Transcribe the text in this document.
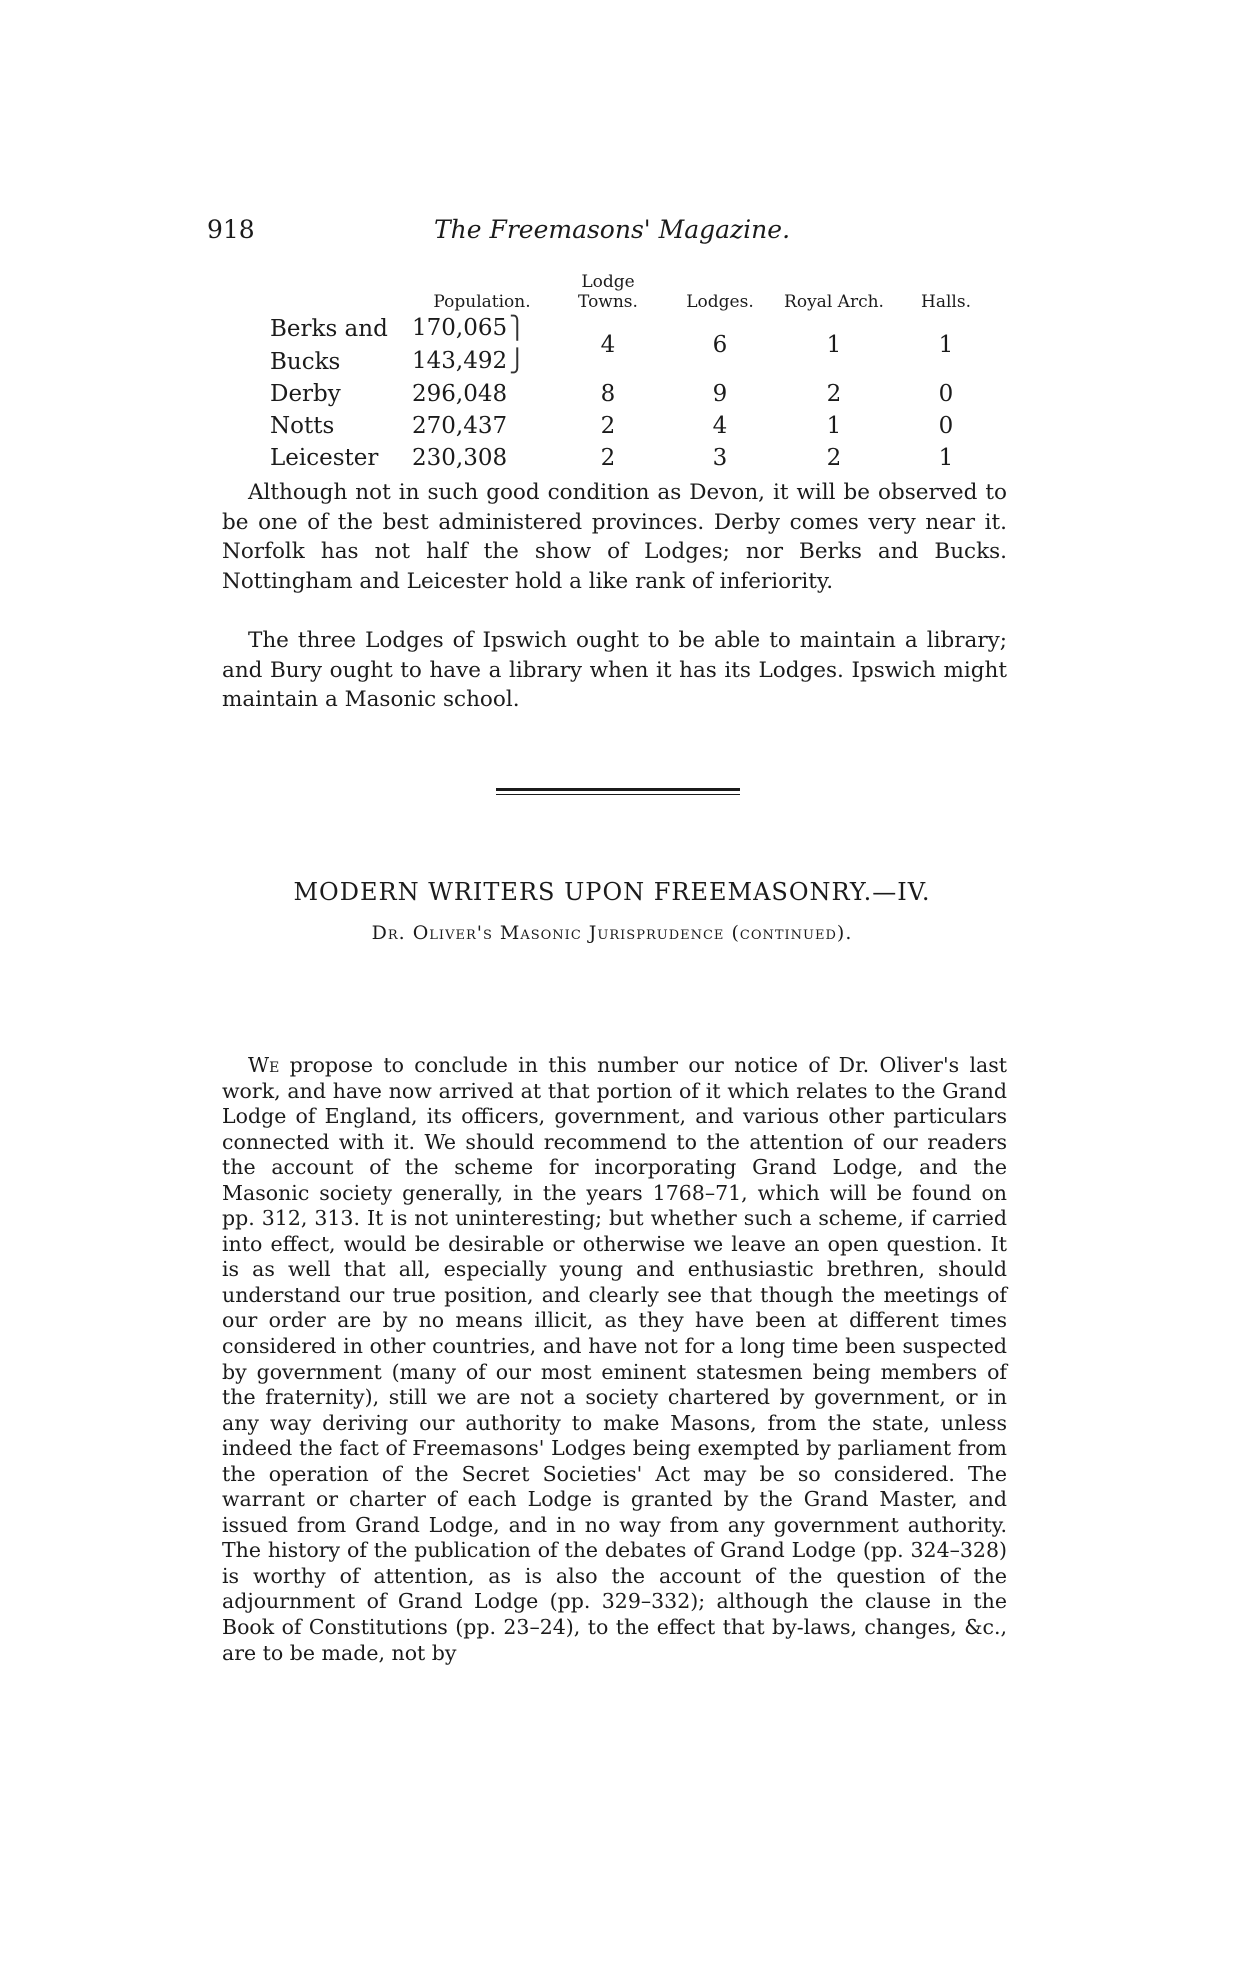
918	The Freemasons' Magazine.
	Population.	Lodge Towns.	Lodges.	Royal Arch.	Halls.
Berks and	170,065⎫	4	6	1	1
Bucks	143,492⎭				
Derby	296,048	8	9	2	0
Notts	270,437	2	4	1	0
Leicester	230,308	2	3	2	1

Although not in such good condition as Devon, it will be observed to be one of the best administered provinces. Derby comes very near it. Norfolk has not half the show of Lodges; nor Berks and Bucks. Nottingham and Leicester hold a like rank of inferiority.

The three Lodges of Ipswich ought to be able to maintain a library; and Bury ought to have a library when it has its Lodges. Ipswich might maintain a Masonic school.

MODERN WRITERS UPON FREEMASONRY.—IV.
Dr. Oliver's Masonic Jurisprudence (continued).

We propose to conclude in this number our notice of Dr. Oliver's last work, and have now arrived at that portion of it which relates to the Grand Lodge of England, its officers, government, and various other particulars connected with it. We should recommend to the attention of our readers the account of the scheme for incorporating Grand Lodge, and the Masonic society generally, in the years 1768–71, which will be found on pp. 312, 313. It is not uninteresting; but whether such a scheme, if carried into effect, would be desirable or otherwise we leave an open question. It is as well that all, especially young and enthusiastic brethren, should understand our true position, and clearly see that though the meetings of our order are by no means illicit, as they have been at different times considered in other countries, and have not for a long time been suspected by government (many of our most eminent statesmen being members of the fraternity), still we are not a society chartered by government, or in any way deriving our authority to make Masons, from the state, unless indeed the fact of Freemasons' Lodges being exempted by parliament from the operation of the Secret Societies' Act may be so considered. The warrant or charter of each Lodge is granted by the Grand Master, and issued from Grand Lodge, and in no way from any government authority. The history of the publication of the debates of Grand Lodge (pp. 324–328) is worthy of attention, as is also the account of the question of the adjournment of Grand Lodge (pp. 329–332); although the clause in the Book of Constitutions (pp. 23–24), to the effect that by-laws, changes, &c., are to be made, not by
